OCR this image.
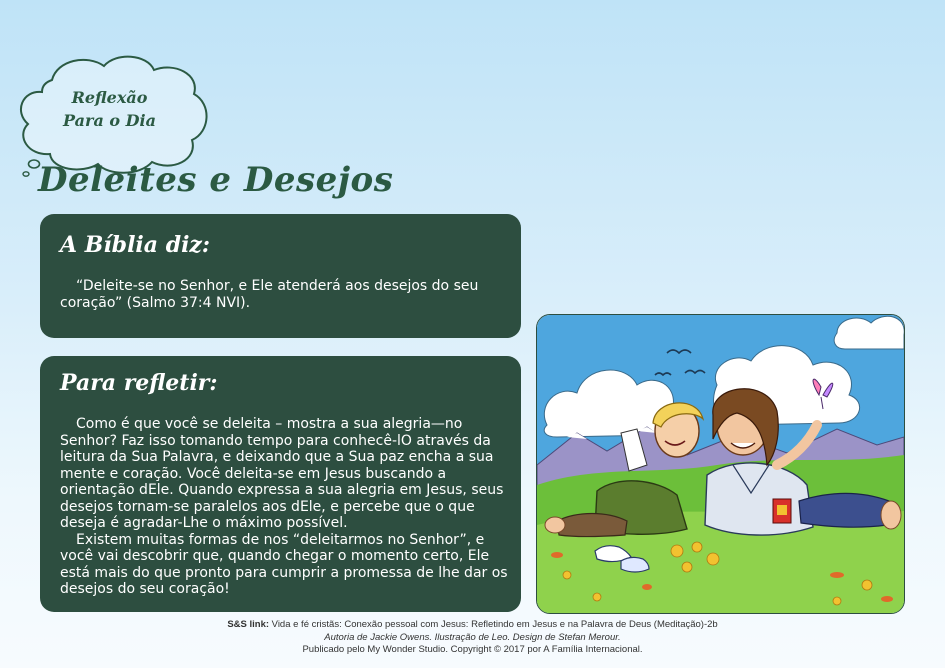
Reflexão
Para o Dia
Deleites e Desejos
A Bíblia diz:

“Deleite-se no Senhor, e Ele atenderá aos desejos do seu coração” (Salmo 37:4 NVI).

Para refletir:

Como é que você se deleita – mostra a sua alegria—no Senhor? Faz isso tomando tempo para conhecê-lO através da leitura da Sua Palavra, e deixando que a Sua paz encha a sua mente e coração. Você deleita-se em Jesus buscando a orientação dEle. Quando expressa a sua alegria em Jesus, seus desejos tornam-se paralelos aos dEle, e percebe que o que deseja é agradar-Lhe o máximo possível.

Existem muitas formas de nos “deleitarmos no Senhor”, e você vai descobrir que, quando chegar o momento certo, Ele está mais do que pronto para cumprir a promessa de lhe dar os desejos do seu coração!

S&S link: Vida e fé cristãs: Conexão pessoal com Jesus: Refletindo em Jesus e na Palavra de Deus (Meditação)-2b
Autoria de Jackie Owens. Ilustração de Leo. Design de Stefan Merour.
Publicado pelo My Wonder Studio. Copyright © 2017 por A Família Internacional.
